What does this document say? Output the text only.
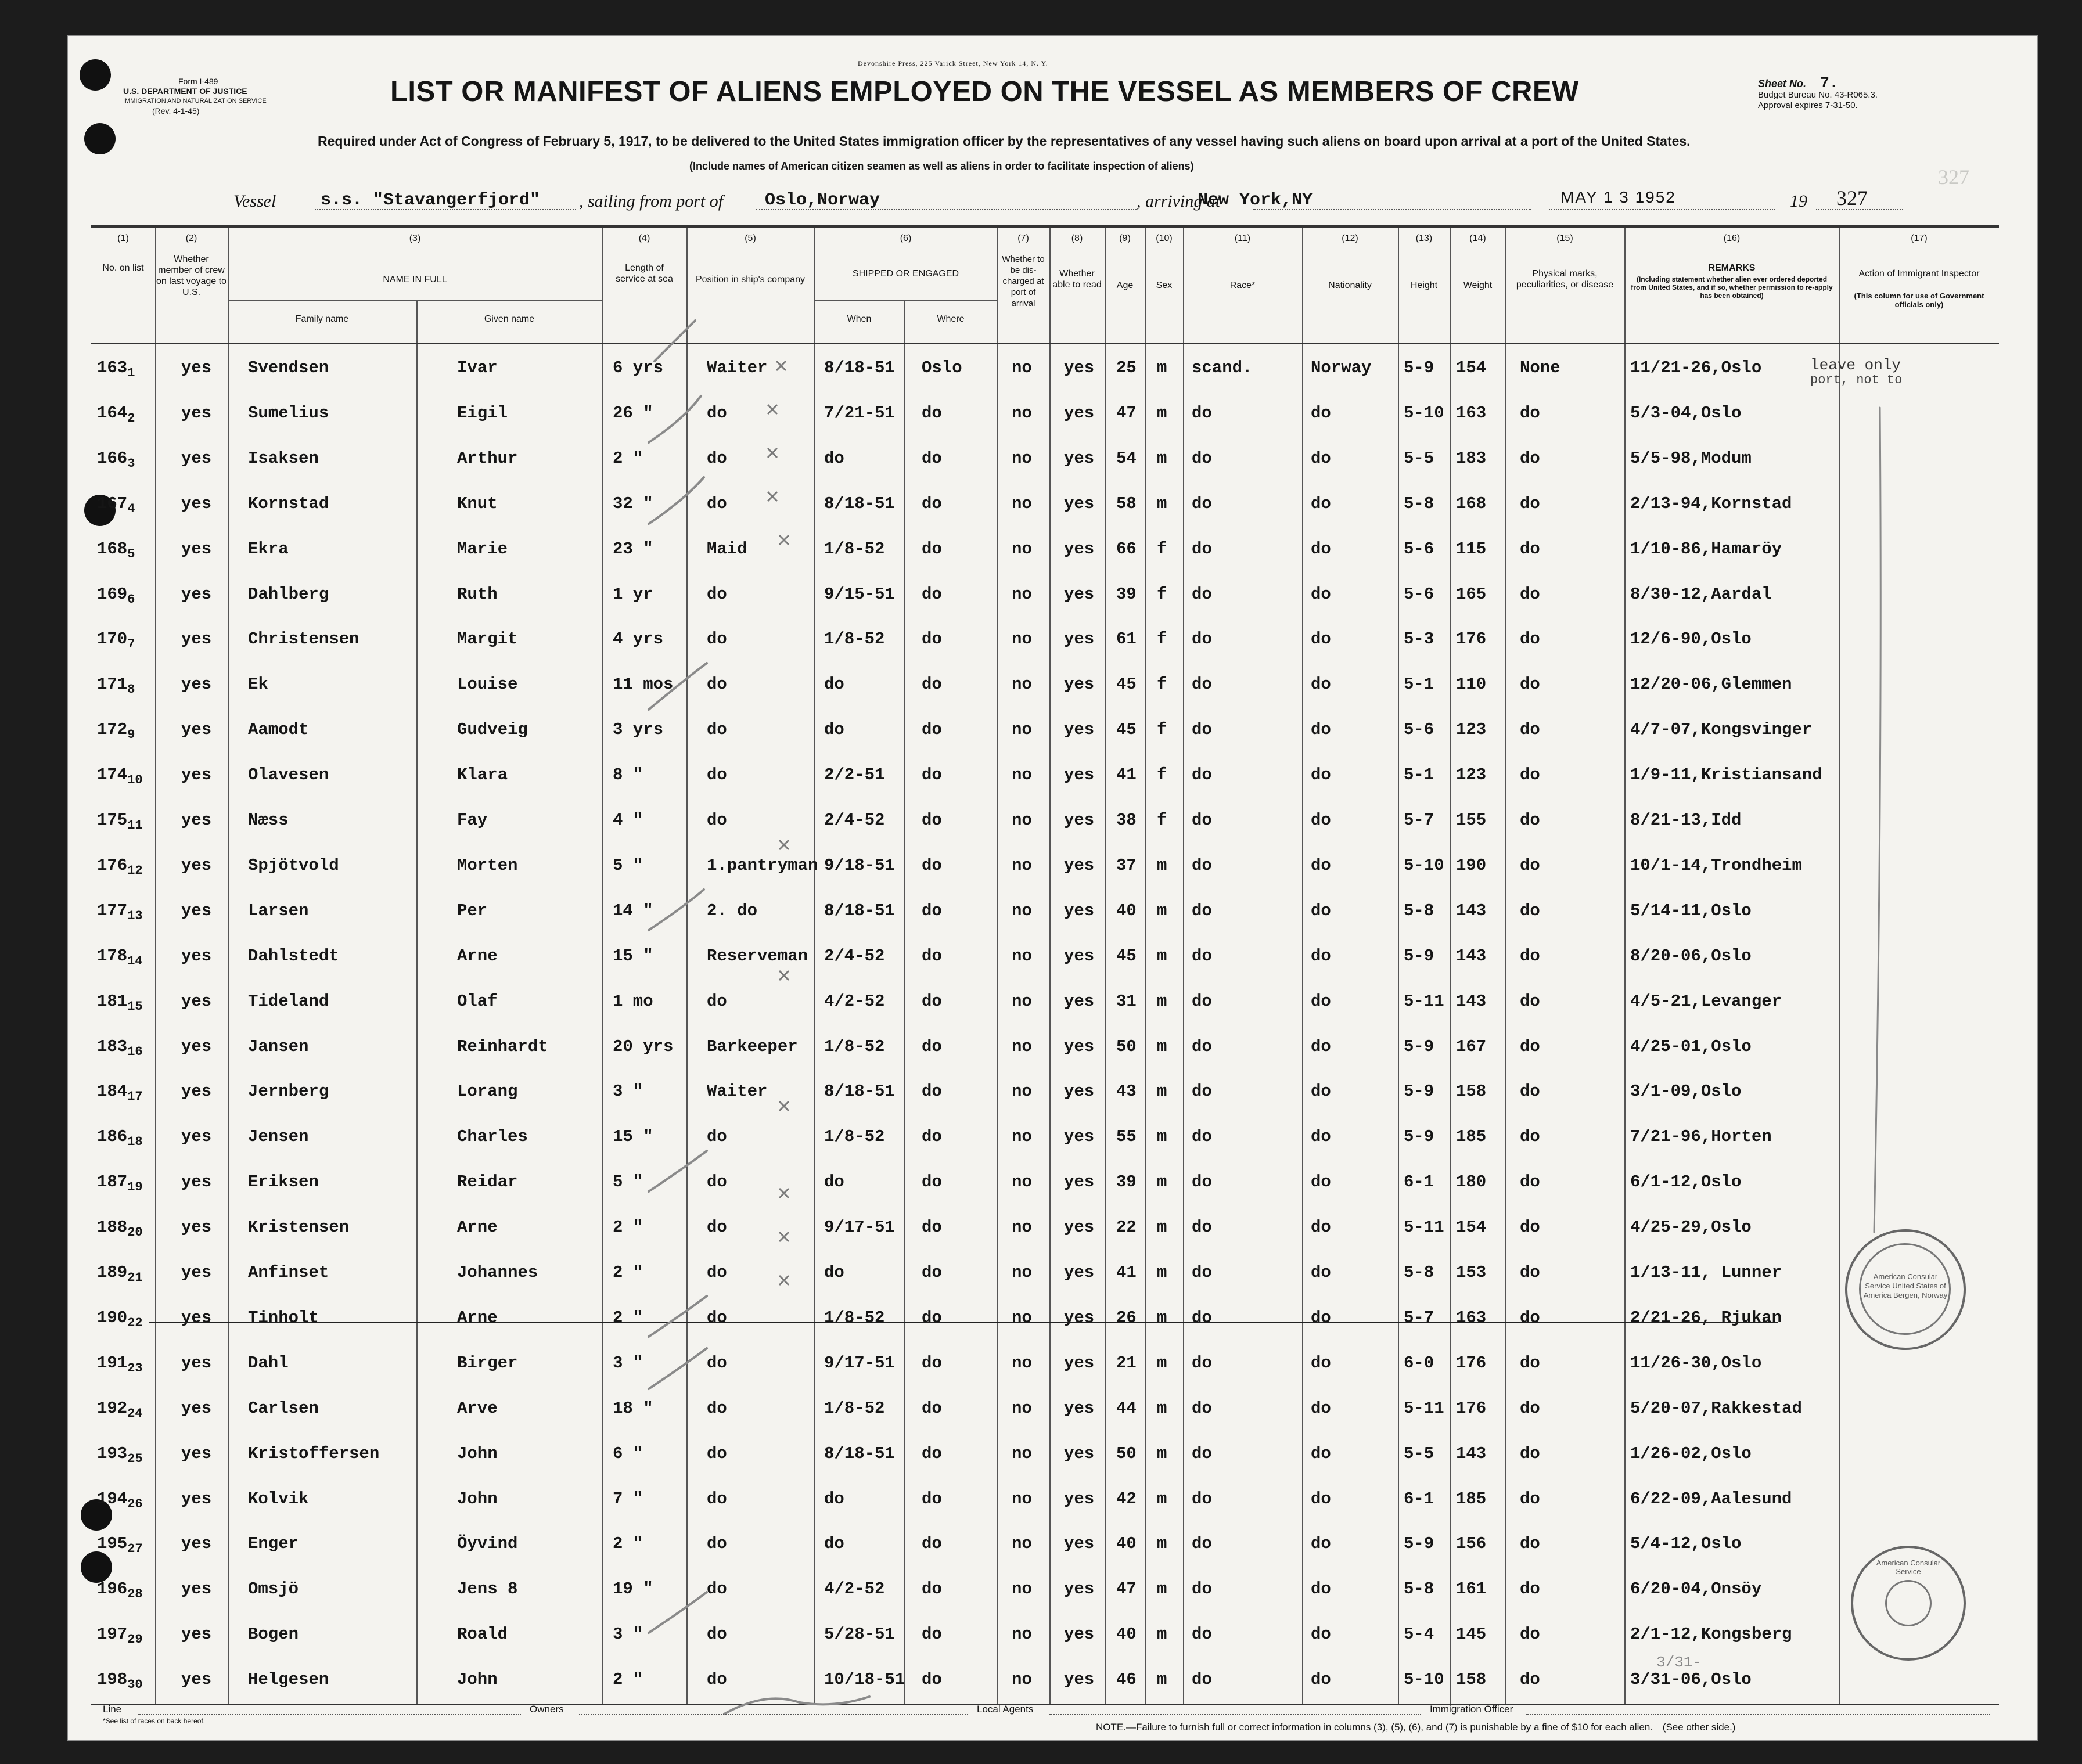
Devonshire Press, 225 Varick Street, New York 14, N. Y.
Form I-489
U.S. DEPARTMENT OF JUSTICE
IMMIGRATION AND NATURALIZATION SERVICE
(Rev. 4-1-45)
LIST OR MANIFEST OF ALIENS EMPLOYED ON THE VESSEL AS MEMBERS OF CREW
Required under Act of Congress of February 5, 1917, to be delivered to the United States immigration officer by the representatives of any vessel having such aliens on board upon arrival at a port of the United States.
(Include names of American citizen seamen as well as aliens in order to facilitate inspection of aliens)
Sheet No. 7.
Budget Bureau No. 43-R065.3.
Approval expires 7-31-50.
Vessel	s.s. "Stavangerfjord" , sailing from port of Oslo,Norway	, arriving at
New York,NY	MAY 1 3 1952	19 327
327
(1)	(2)	(3)	(4)	(5)	(6)	(7)	(8)	(9)	(10)	(11)	(12)	(13)	(14)	(15)	(16)	(17)
No. on list
Whether member of crew on last voyage to U.S.
NAME IN FULL
Family name	Given name
Length of service at sea Position in ship's company
SHIPPED OR ENGAGED
When	Where
Whether to be dis-charged at port of arrival
Whether able to read	Age	Sex	Race*	Nationality	Height	Weight
Physical marks, peculiarities, or disease
REMARKS
(Including statement whether alien ever ordered deported from United States, and if so, whether permission to re-apply has been obtained)
Action of Immigrant Inspector
(This column for use of Government officials only)
$163_1$	yes Svendsen	Ivar	6 yrs	Waiter	8/18-51 Oslo	no yes 25 m scand.	Norway 5-9 154 None	11/21-26,Oslo
$164_2$	yes Sumelius	Eigil	26 "	do	7/21-51 do	no yes 47 m do	do	5-10 163 do	5/3-04,Oslo
$166_3$	yes Isaksen	Arthur	2 "	do	do	do	no yes 54 m do	do	5-5 183 do	5/5-98,Modum
$167_4$	yes Kornstad	Knut	32 "	do	8/18-51 do	no yes 58 m do	do	5-8 168 do	2/13-94,Kornstad
$168_5$	yes Ekra	Marie	23 "	Maid	1/8-52 do	no yes 66 f do	do	5-6 115 do	1/10-86,Hamaröy
$169_6$	yes Dahlberg	Ruth	1 yr	do	9/15-51 do	no yes 39 f do	do	5-6 165 do	8/30-12,Aardal
$170_7$	yes Christensen	Margit	4 yrs	do	1/8-52 do	no yes 61 f do	do	5-3 176 do	12/6-90,Oslo
$171_8$	yes Ek	Louise	11 mos do	do	do	no yes 45 f do	do	5-1 110 do	12/20-06,Glemmen
$172_9$	yes Aamodt	Gudveig	3 yrs	do	do	do	no yes 45 f do	do	5-6 123 do	4/7-07,Kongsvinger
$174_{10}$ yes Olavesen	Klara	8 "	do	2/2-51 do	no yes 41 f do	do	5-1 123 do	1/9-11,Kristiansand
$175_{11}$ yes Næss	Fay	4 "	do	2/4-52 do	no yes 38 f do	do	5-7 155 do	8/21-13,Idd
$176_{12}$ yes Spjötvold	Morten	5 "	1.pantryman 9/18-51 do	no yes 37 m do	do	5-10 190 do	10/1-14,Trondheim
$177_{13}$ yes Larsen	Per	14 "	2. do	8/18-51 do	no yes 40 m do	do	5-8 143 do	5/14-11,Oslo
$178_{14}$ yes Dahlstedt	Arne	15 "	Reserveman 2/4-52 do	no yes 45 m do	do	5-9 143 do	8/20-06,Oslo
$181_{15}$ yes Tideland	Olaf	1 mo	do	4/2-52 do	no yes 31 m do	do	5-11 143 do	4/5-21,Levanger
$183_{16}$ yes Jansen	Reinhardt	20 yrs Barkeeper 1/8-52 do	no yes 50 m do	do	5-9 167 do	4/25-01,Oslo
$184_{17}$ yes Jernberg	Lorang	3 "	Waiter	8/18-51 do	no yes 43 m do	do	5-9 158 do	3/1-09,Oslo
$186_{18}$ yes Jensen	Charles	15 "	do	1/8-52 do	no yes 55 m do	do	5-9 185 do	7/21-96,Horten
$187_{19}$ yes Eriksen	Reidar	5 "	do	do	do	no yes 39 m do	do	6-1 180 do	6/1-12,Oslo
$188_{20}$ yes Kristensen	Arne	2 "	do	9/17-51 do	no yes 22 m do	do	5-11 154 do	4/25-29,Oslo
$189_{21}$ yes Anfinset	Johannes	2 "	do	do	do	no yes 41 m do	do	5-8 153 do	1/13-11, Lunner
$190_{22}$ yes Tinholt	Arne	2 "	do	1/8-52 do	no yes 26 m do	do	5-7 163 do	2/21-26, Rjukan
$191_{23}$ yes Dahl	Birger	3 "	do	9/17-51 do	no yes 21 m do	do	6-0 176 do	11/26-30,Oslo
$192_{24}$ yes Carlsen	Arve	18 "	do	1/8-52 do	no yes 44 m do	do	5-11 176 do	5/20-07,Rakkestad
$193_{25}$ yes Kristoffersen	John	6 "	do	8/18-51 do	no yes 50 m do	do	5-5 143 do	1/26-02,Oslo
$194_{26}$ yes Kolvik	John	7 "	do	do	do	no yes 42 m do	do	6-1 185 do	6/22-09,Aalesund
$195_{27}$ yes Enger	Öyvind	2 "	do	do	do	no yes 40 m do	do	5-9 156 do	5/4-12,Oslo
$196_{28}$ yes Omsjö	Jens 8	19 "	do	4/2-52 do	no yes 47 m do	do	5-8 161 do	6/20-04,Onsöy
$197_{29}$ yes Bogen	Roald	3 "	do	5/28-51 do	no yes 40 m do	do	5-4 145 do	2/1-12,Kongsberg
$198_{30}$ yes Helgesen	John	2 "	do	10/18-51 do	no yes 46 m do	do	5-10 158 do	3/31-06,Oslo
leave only
port, not to
3/31-
American Consular Service United States of America Bergen, Norway
American Consular Service
Line
*See list of races on back hereof.
Owners	Local Agents	Immigration Officer
NOTE.—Failure to furnish full or correct information in columns (3), (5), (6), and (7) is punishable by a fine of $10 for each alien. (See other side.)
